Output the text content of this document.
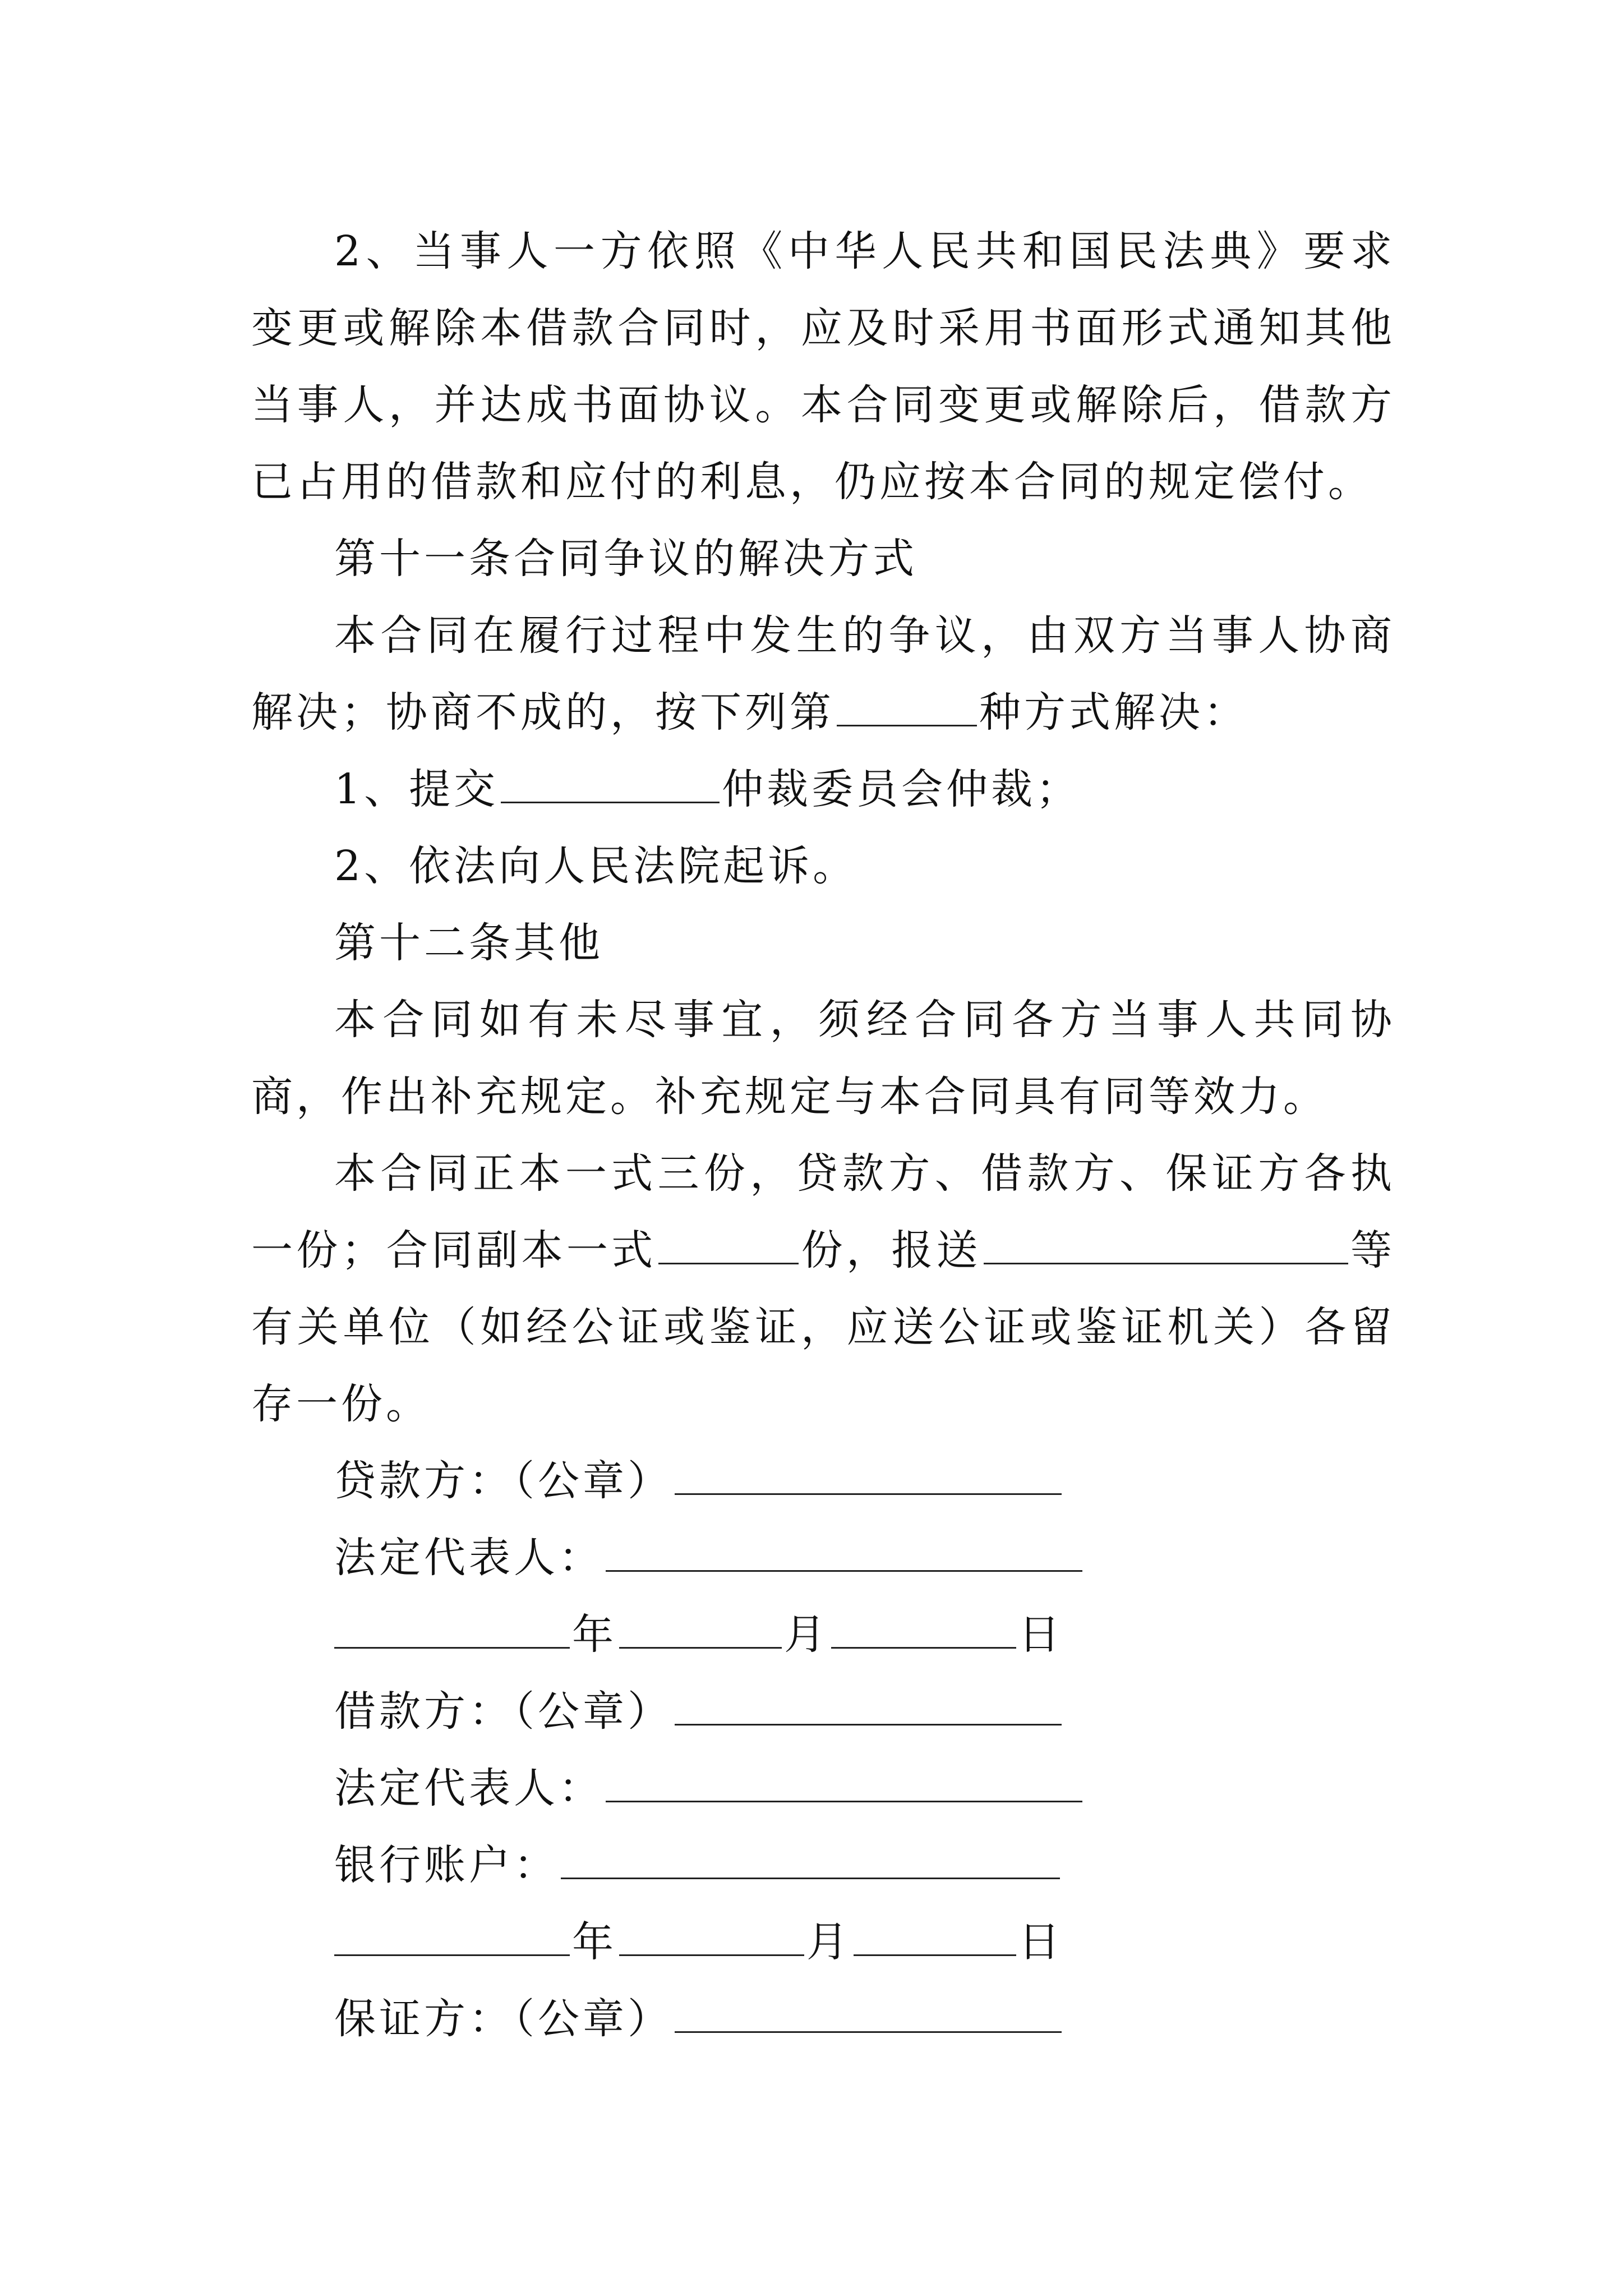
2、当事人一方依照《中华人民共和国民法典》要求变更或解除本借款合同时，应及时采用书面形式通知其他当事人，并达成书面协议。本合同变更或解除后，借款方已占用的借款和应付的利息，仍应按本合同的规定偿付。

第十一条合同争议的解决方式

本合同在履行过程中发生的争议，由双方当事人协商解决；协商不成的，按下列第	种方式解决：

1、提交	仲裁委员会仲裁；

2、依法向人民法院起诉。

第十二条其他

本合同如有未尽事宜，须经合同各方当事人共同协商，作出补充规定。补充规定与本合同具有同等效力。

本合同正本一式三份，贷款方、借款方、保证方各执一份；合同副本一式	份，报送	等有关单位（如经公证或鉴证，应送公证或鉴证机关）各留存一份。

贷款方：（公章）

法定代表人：

年	月	日

借款方：（公章）

法定代表人：

银行账户：

年	月	日

保证方：（公章）
